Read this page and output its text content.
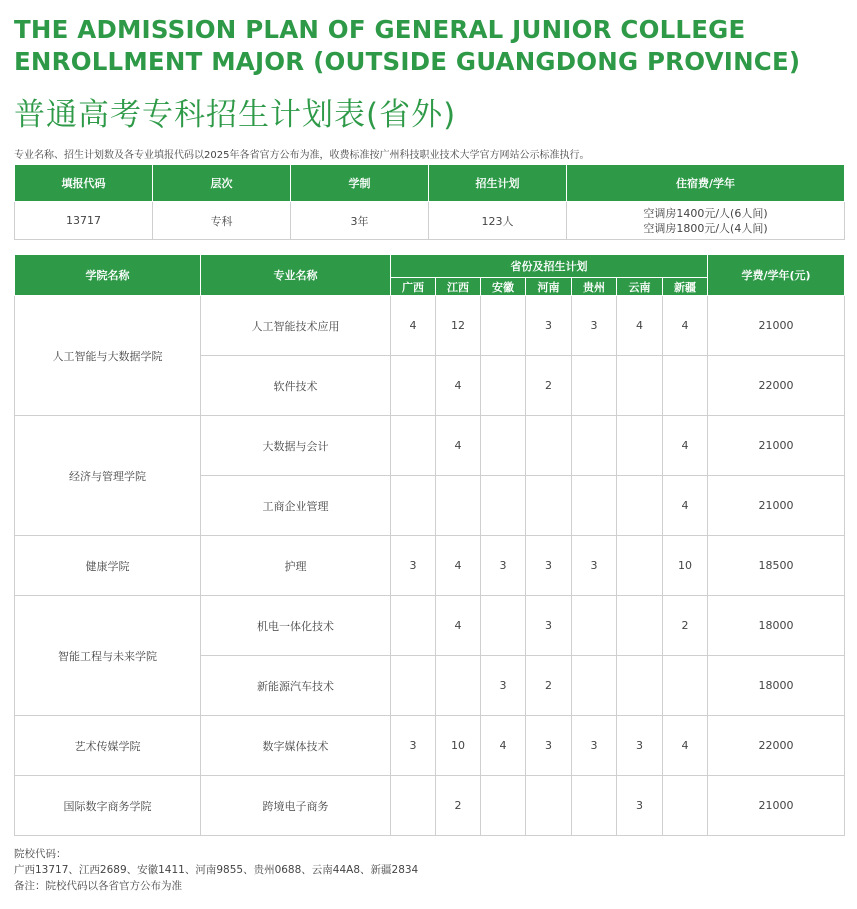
THE ADMISSION PLAN OF GENERAL JUNIOR COLLEGE ENROLLMENT MAJOR (OUTSIDE GUANGDONG PROVINCE)
普通高考专科招生计划表(省外)
专业名称、招生计划数及各专业填报代码以2025年各省官方公布为准，收费标准按广州科技职业技术大学官方网站公示标准执行。
填报代码	层次	学制	招生计划	住宿费/学年
13717	专科	3年	123人	空调房1400元/人(6人间)
空调房1800元/人(4人间)
学院名称	专业名称	省份及招生计划							学费/学年(元)
		广西	江西	安徽	河南	贵州	云南	新疆	
人工智能与大数据学院	人工智能技术应用	4	12		3	3	4	4	21000
	软件技术		4		2				22000
经济与管理学院	大数据与会计		4					4	21000
	工商企业管理							4	21000
健康学院	护理	3	4	3	3	3		10	18500
智能工程与未来学院	机电一体化技术		4		3			2	18000
	新能源汽车技术			3	2				18000
艺术传媒学院	数字媒体技术	3	10	4	3	3	3	4	22000
国际数字商务学院	跨境电子商务		2				3		21000
院校代码：
广西13717、江西2689、安徽1411、河南9855、贵州0688、云南44A8、新疆2834
备注：院校代码以各省官方公布为准
